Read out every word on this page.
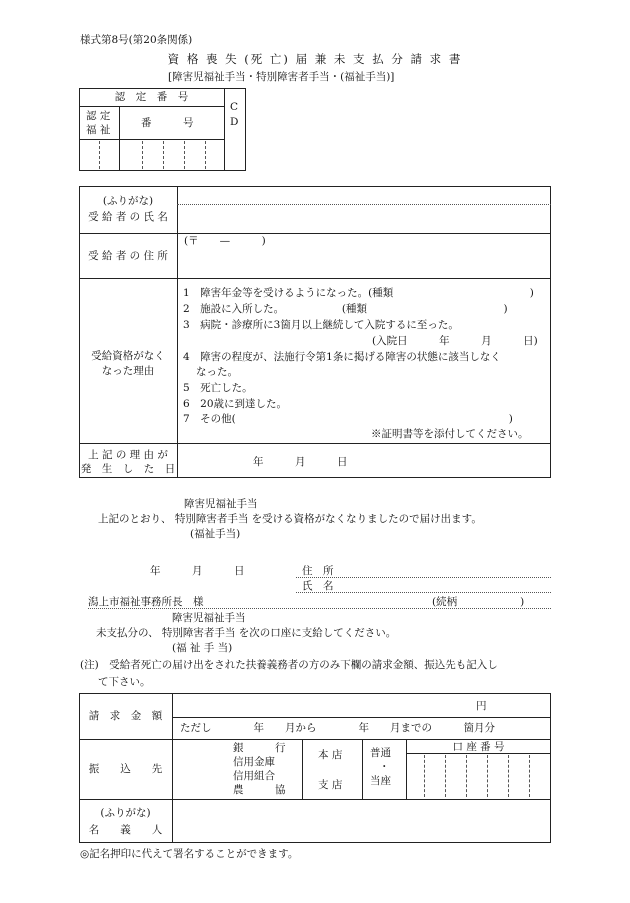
様式第8号(第20条関係)
資 格 喪 失 (死 亡) 届 兼 未 支 払 分 請 求 書
[障害児福祉手当・特別障害者手当・(福祉手当)]
認　定　番　号
C
D
認 定
福 祉
番　　　号
(ふりがな)
受 給 者 の 氏 名
受 給 者 の 住 所
(〒　　—　　　)
受給資格がなく
なった理由
1　障害年金等を受けるようになった。(種類　　　　　　　　　　　　　)
2　施設に入所した。　　　　　　(種類　　　　　　　　　　　　　)
3　病院・診療所に3箇月以上継続して入院するに至った。
(入院日　　　年　　　月　　　日)
4　障害の程度が、法施行令第1条に掲げる障害の状態に該当しなく
なった。
5　死亡した。
6　20歳に到達した。
7　その他(　　　　　　　　　　　　　　　　　　　　　　　　　　)
※証明書等を添付してください。
上 記 の 理 由 が
発　生　し　た　日
年　　　月　　　日
障害児福祉手当
上記のとおり、 特別障害者手当 を受ける資格がなくなりましたので届け出ます。
(福祉手当)
年　　　月　　　日	住　所
氏　名
潟上市福祉事務所長　様	(続柄　　　　　　)
障害児福祉手当
未支払分の、 特別障害者手当 を次の口座に支給してください。
(福 祉 手 当)
(注)　受給者死亡の届け出をされた扶養義務者の方のみ下欄の請求金額、振込先も記入し
て下さい。
請　求　金　額
円
ただし　　　　年　　月から　　　　年　　月までの　　　箇月分
振　　込　　先
銀　　　行
信用金庫
信用組合
農　　　協
本 店
支 店
普通
・
当座
口 座 番 号
(ふりがな)
名　　義　　人
◎記名押印に代えて署名することができます。
